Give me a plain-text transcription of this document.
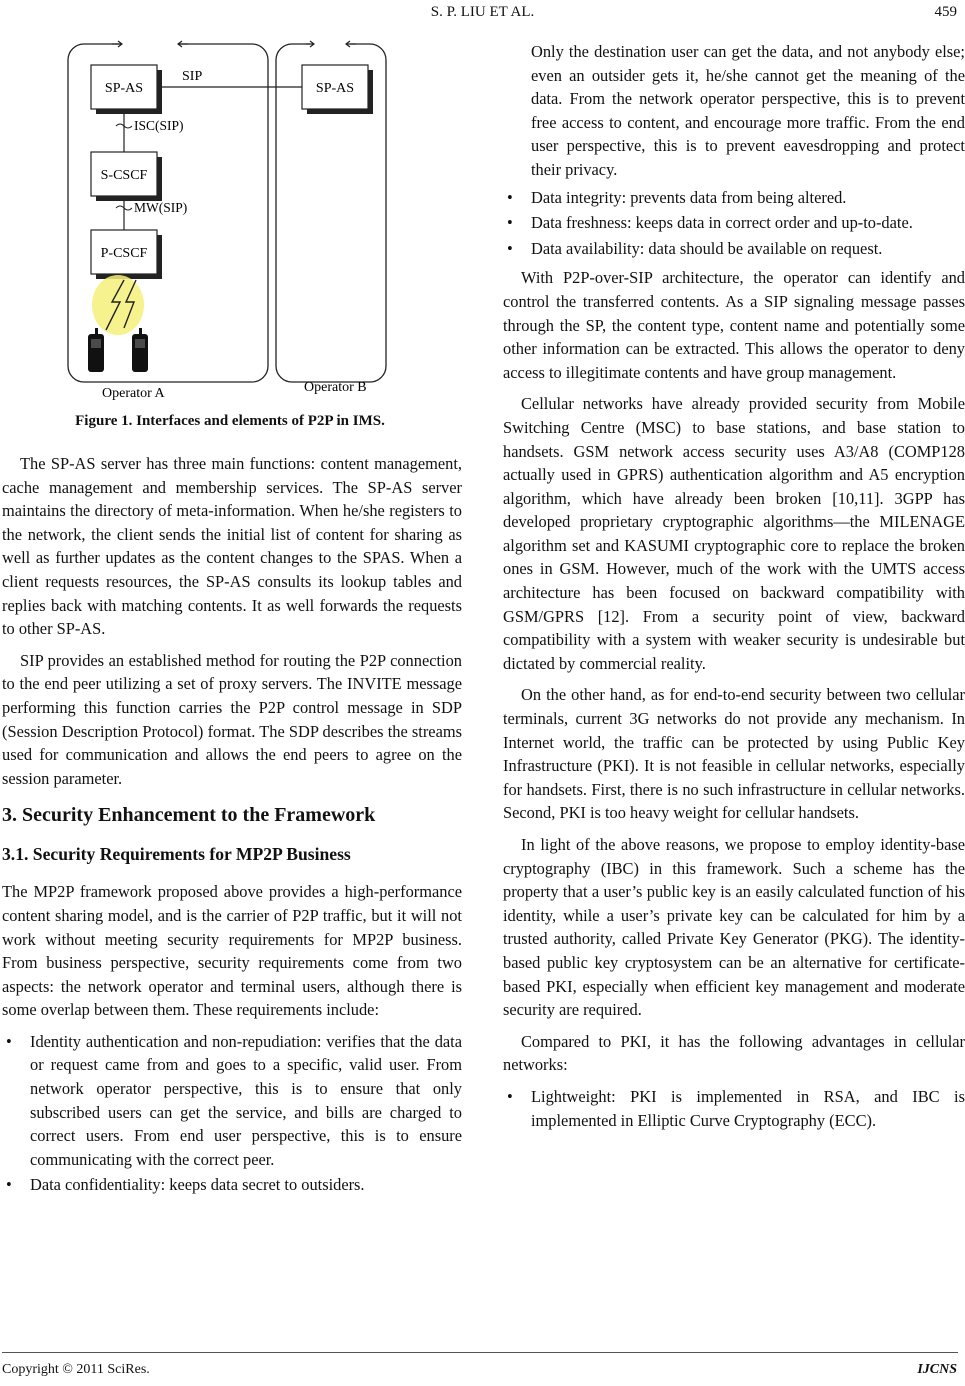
S. P. LIU ET AL.	459
SIP
SP-AS	SP-AS
ISC(SIP)
S-CSCF
MW(SIP)
P-CSCF
Operator A	Operator B
Figure 1. Interfaces and elements of P2P in IMS.

The SP-AS server has three main functions: content management, cache management and membership services. The SP-AS server maintains the directory of meta-information. When he/she registers to the network, the client sends the initial list of content for sharing as well as further updates as the content changes to the SPAS. When a client requests resources, the SP-AS consults its lookup tables and replies back with matching contents. It as well forwards the requests to other SP-AS.

SIP provides an established method for routing the P2P connection to the end peer utilizing a set of proxy servers. The INVITE message performing this function carries the P2P control message in SDP (Session Description Protocol) format. The SDP describes the streams used for communication and allows the end peers to agree on the session parameter.

3. Security Enhancement to the Framework
3.1. Security Requirements for MP2P Business

The MP2P framework proposed above provides a high-performance content sharing model, and is the carrier of P2P traffic, but it will not work without meeting security requirements for MP2P business. From business perspective, security requirements come from two aspects: the network operator and terminal users, although there is some overlap between them. These requirements include:

• Identity authentication and non-repudiation: verifies that the data or request came from and goes to a specific, valid user. From network operator perspective, this is to ensure that only subscribed users can get the service, and bills are charged to correct users. From end user perspective, this is to ensure communicating with the correct peer.
• Data confidentiality: keeps data secret to outsiders.
Only the destination user can get the data, and not anybody else; even an outsider gets it, he/she cannot get the meaning of the data. From the network operator perspective, this is to prevent free access to content, and encourage more traffic. From the end user perspective, this is to prevent eavesdropping and protect their privacy.
• Data integrity: prevents data from being altered.
• Data freshness: keeps data in correct order and up-to-date.
• Data availability: data should be available on request.

With P2P-over-SIP architecture, the operator can identify and control the transferred contents. As a SIP signaling message passes through the SP, the content type, content name and potentially some other information can be extracted. This allows the operator to deny access to illegitimate contents and have group management.

Cellular networks have already provided security from Mobile Switching Centre (MSC) to base stations, and base station to handsets. GSM network access security uses A3/A8 (COMP128 actually used in GPRS) authentication algorithm and A5 encryption algorithm, which have already been broken [10,11]. 3GPP has developed proprietary cryptographic algorithms—the MILENAGE algorithm set and KASUMI cryptographic core to replace the broken ones in GSM. However, much of the work with the UMTS access architecture has been focused on backward compatibility with GSM/GPRS [12]. From a security point of view, backward compatibility with a system with weaker security is undesirable but dictated by commercial reality.

On the other hand, as for end-to-end security between two cellular terminals, current 3G networks do not provide any mechanism. In Internet world, the traffic can be protected by using Public Key Infrastructure (PKI). It is not feasible in cellular networks, especially for handsets. First, there is no such infrastructure in cellular networks. Second, PKI is too heavy weight for cellular handsets.

In light of the above reasons, we propose to employ identity-base cryptography (IBC) in this framework. Such a scheme has the property that a user’s public key is an easily calculated function of his identity, while a user’s private key can be calculated for him by a trusted authority, called Private Key Generator (PKG). The identity-based public key cryptosystem can be an alternative for certificate-based PKI, especially when efficient key management and moderate security are required.

Compared to PKI, it has the following advantages in cellular networks:

• Lightweight: PKI is implemented in RSA, and IBC is implemented in Elliptic Curve Cryptography (ECC).
Copyright © 2011 SciRes.	IJCNS
